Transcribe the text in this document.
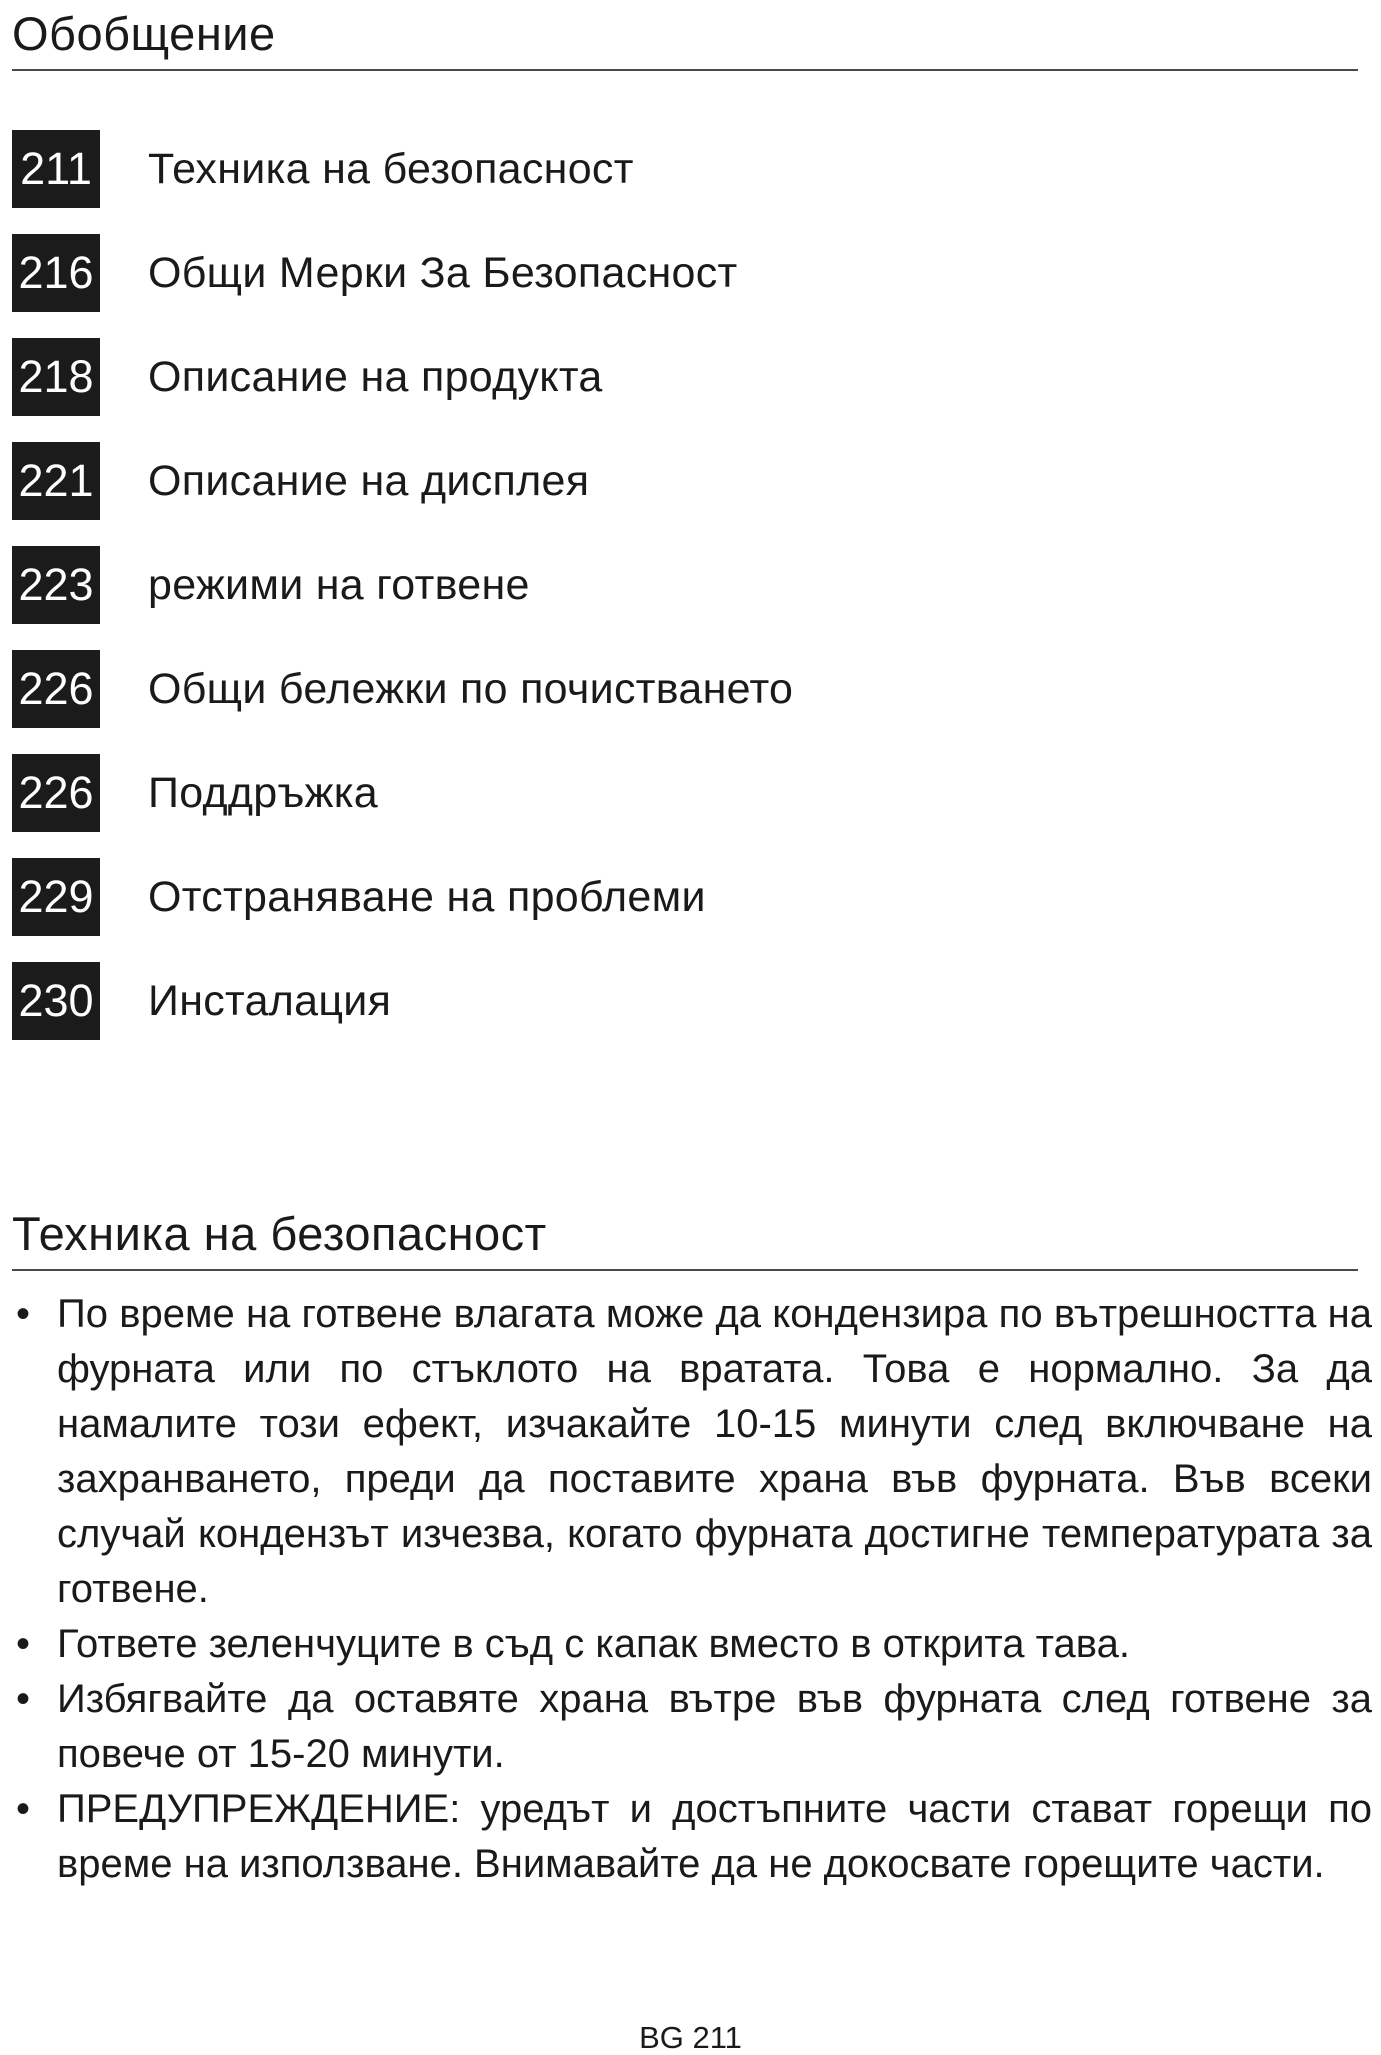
Обобщение
211 Техника на безопасност
216 Общи Мерки За Безопасност
218 Описание на продукта
221 Описание на дисплея
223 режими на готвене
226 Общи бележки по почистването
226 Поддръжка
229 Отстраняване на проблеми
230 Инсталация
Техника на безопасност
• По време на готвене влагата може да кондензира по вътрешността на фурната или по стъклото на вратата. Това е нормално. За да намалите този ефект, изчакайте 10-15 минути след включване на захранването, преди да поставите храна във фурната. Във всеки случай кондензът изчезва, когато фурната достигне температурата за готвене.
• Гответе зеленчуците в съд с капак вместо в открита тава.
• Избягвайте да оставяте храна вътре във фурната след готвене за повече от 15-20 минути.
• ПРЕДУПРЕЖДЕНИЕ: уредът и достъпните части стават горещи по време на използване. Внимавайте да не докосвате горещите части.
BG 211
